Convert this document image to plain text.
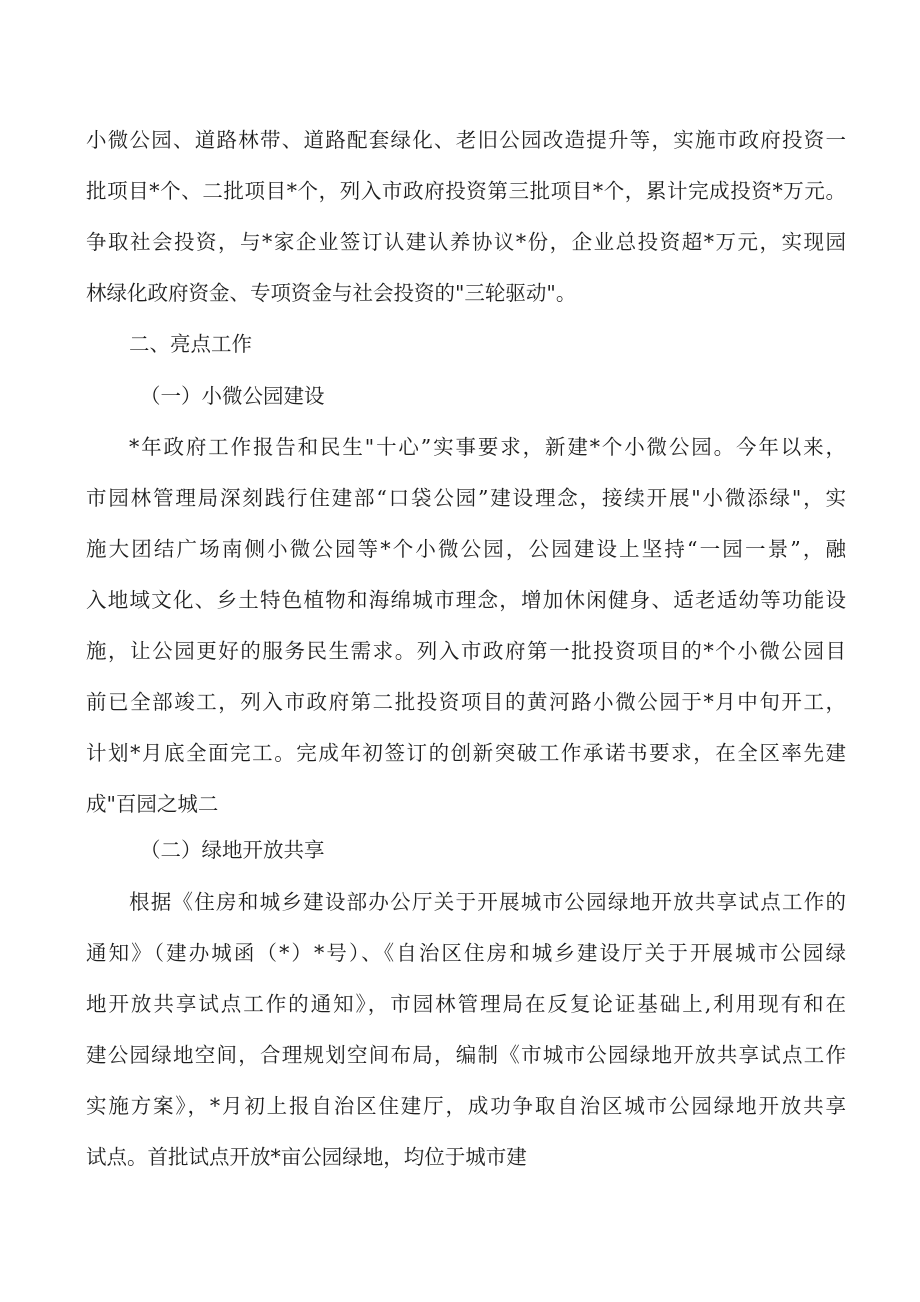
小微公园、道路林带、道路配套绿化、老旧公园改造提升等，实施市政府投资一
批项目*个、二批项目*个，列入市政府投资第三批项目*个，累计完成投资*万元。
争取社会投资，与*家企业签订认建认养协议*份，企业总投资超*万元，实现园
林绿化政府资金、专项资金与社会投资的"三轮驱动"。
二、亮点工作
（一）小微公园建设
*年政府工作报告和民生"十心”实事要求，新建*个小微公园。今年以来，
市园林管理局深刻践行住建部“口袋公园”建设理念，接续开展"小微添绿"，实
施大团结广场南侧小微公园等*个小微公园，公园建设上坚持“一园一景”，融
入地域文化、乡土特色植物和海绵城市理念，增加休闲健身、适老适幼等功能设
施，让公园更好的服务民生需求。列入市政府第一批投资项目的*个小微公园目
前已全部竣工，列入市政府第二批投资项目的黄河路小微公园于*月中旬开工，
计划*月底全面完工。完成年初签订的创新突破工作承诺书要求，在全区率先建
成"百园之城二
（二）绿地开放共享
根据《住房和城乡建设部办公厅关于开展城市公园绿地开放共享试点工作的
通知》（建办城函（*）*号）、《自治区住房和城乡建设厅关于开展城市公园绿
地开放共享试点工作的通知》，市园林管理局在反复论证基础上,利用现有和在
建公园绿地空间，合理规划空间布局，编制《市城市公园绿地开放共享试点工作
实施方案》，*月初上报自治区住建厅，成功争取自治区城市公园绿地开放共享
试点。首批试点开放*亩公园绿地，均位于城市建
